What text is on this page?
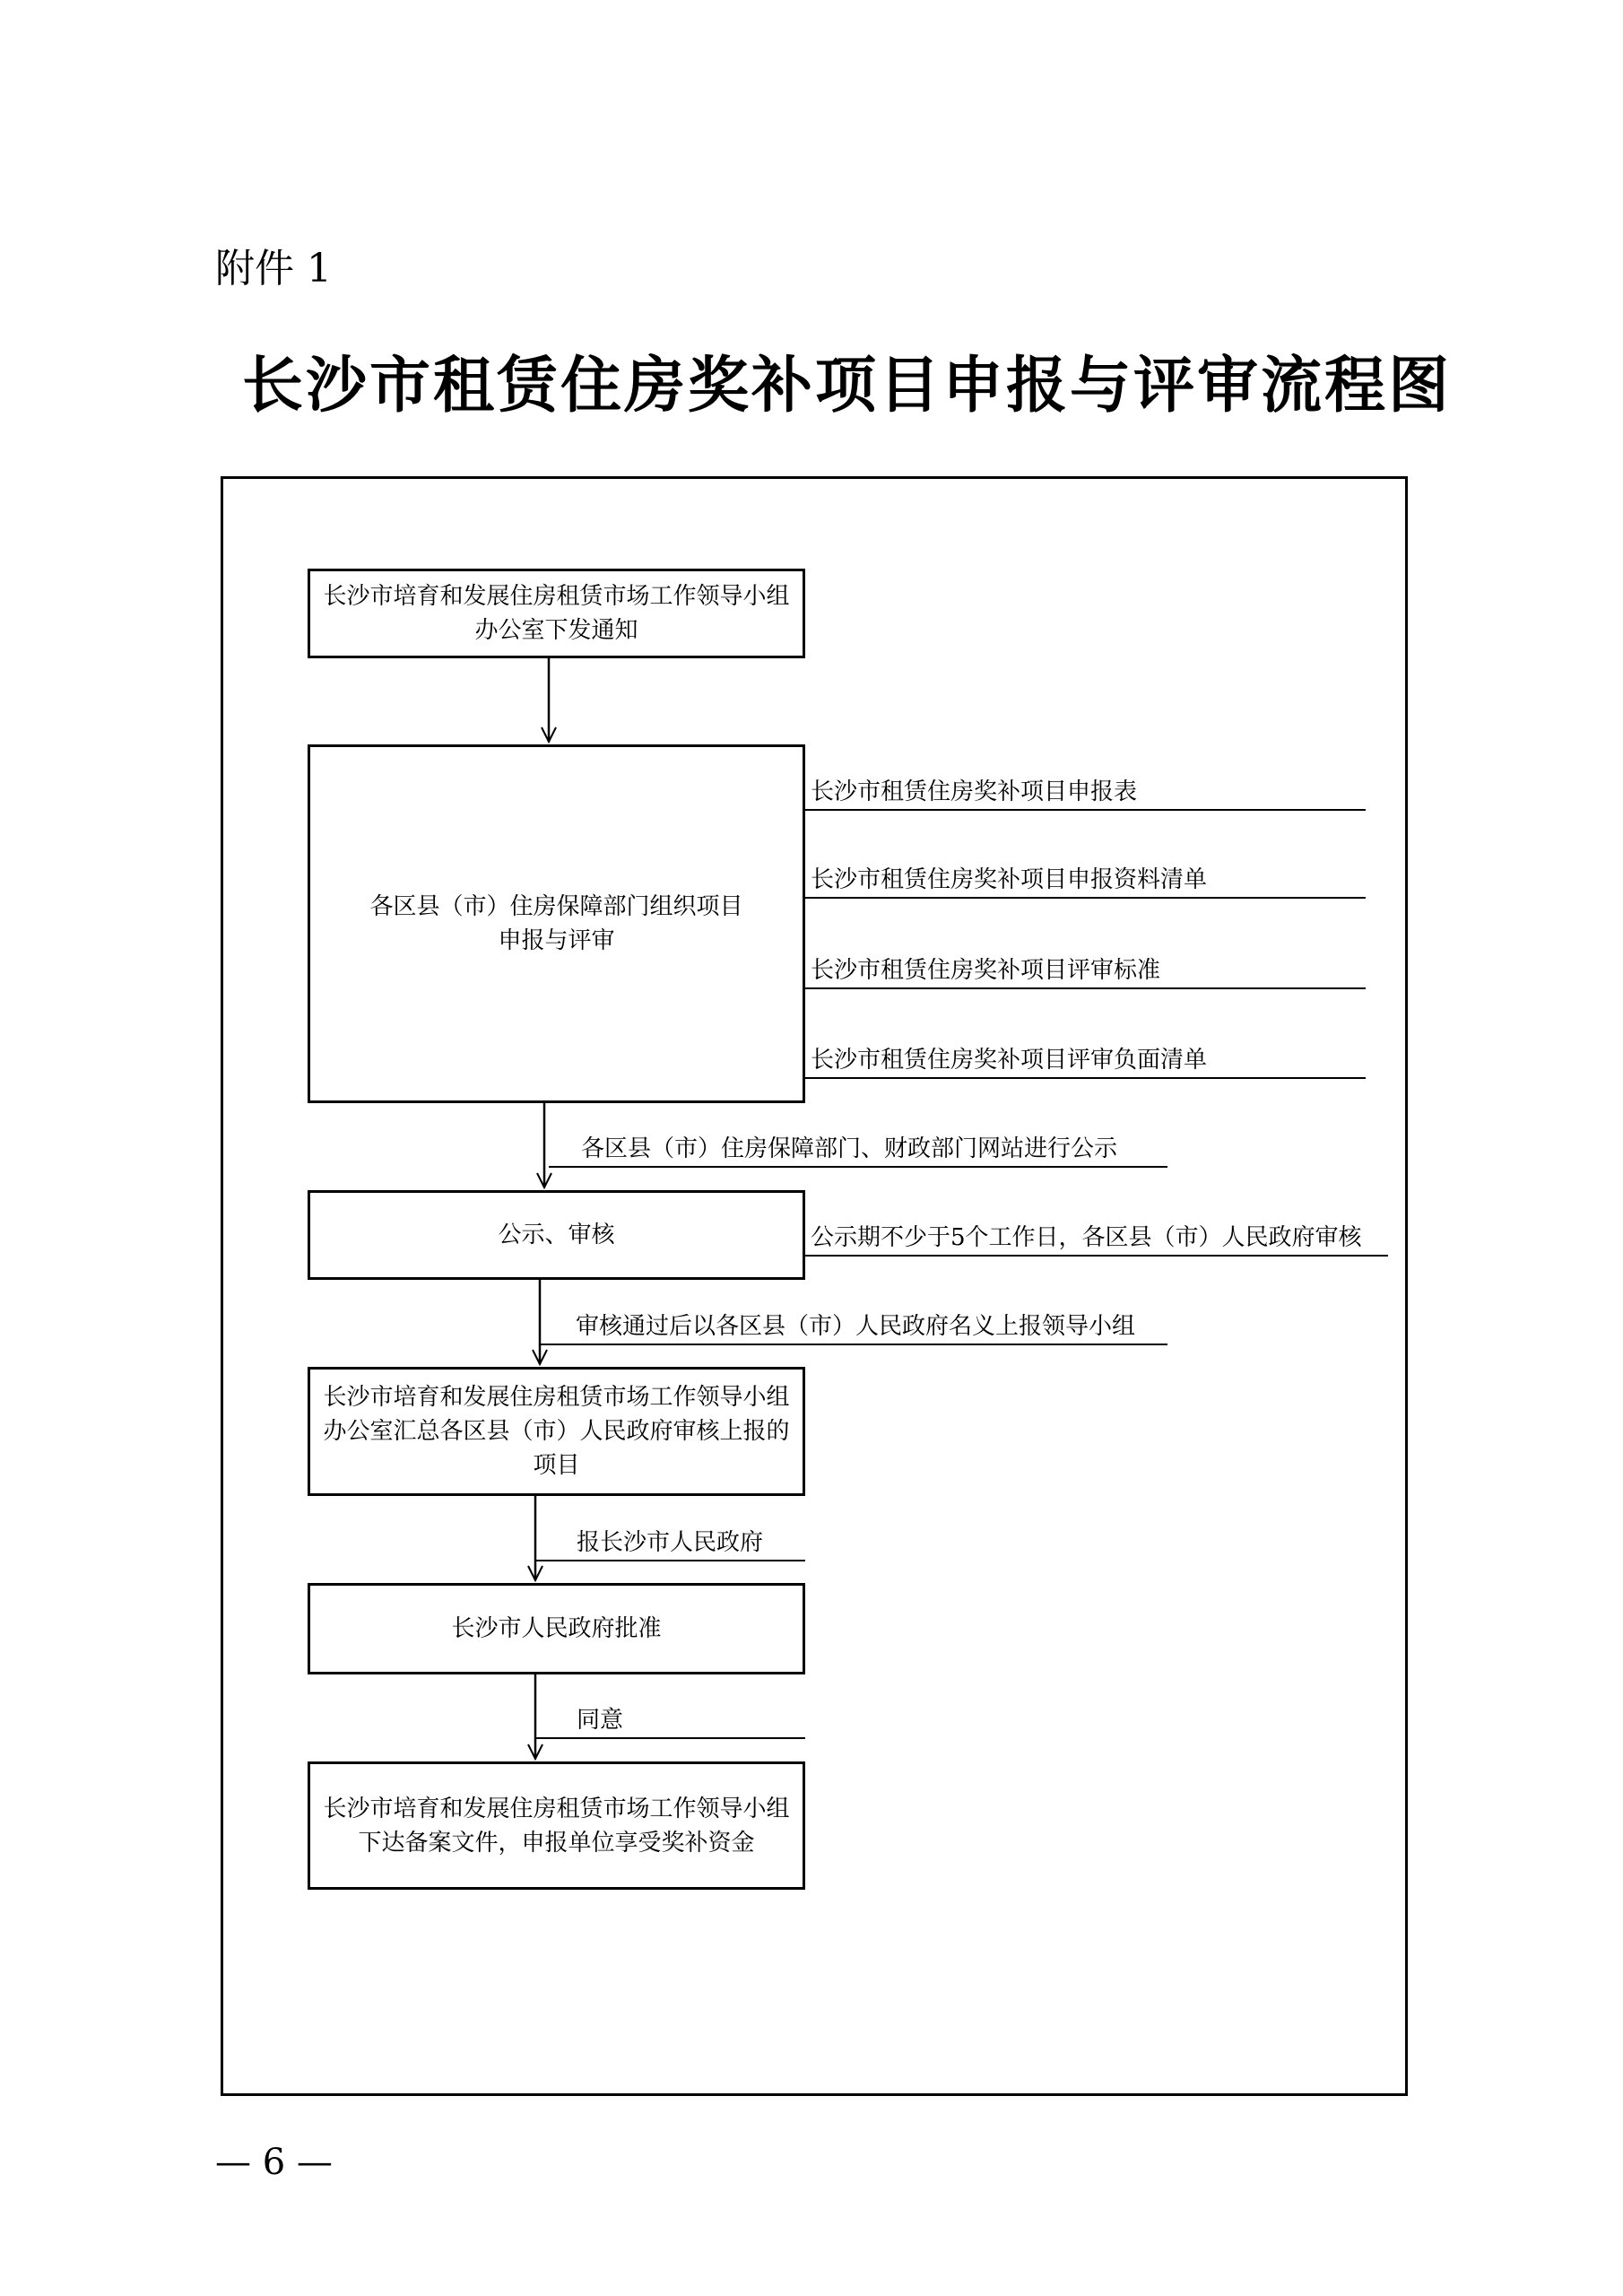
附件 1
长沙市租赁住房奖补项目申报与评审流程图
长沙市培育和发展住房租赁市场工作领导小组办公室下发通知
各区县（市）住房保障部门组织项目申报与评审
公示、审核
长沙市培育和发展住房租赁市场工作领导小组办公室汇总各区县（市）人民政府审核上报的项目
长沙市人民政府批准
长沙市培育和发展住房租赁市场工作领导小组下达备案文件，申报单位享受奖补资金
长沙市租赁住房奖补项目申报表
长沙市租赁住房奖补项目申报资料清单
长沙市租赁住房奖补项目评审标准
长沙市租赁住房奖补项目评审负面清单
公示期不少于5个工作日，各区县（市）人民政府审核
各区县（市）住房保障部门、财政部门网站进行公示
审核通过后以各区县（市）人民政府名义上报领导小组
报长沙市人民政府
同意
— 6 —
